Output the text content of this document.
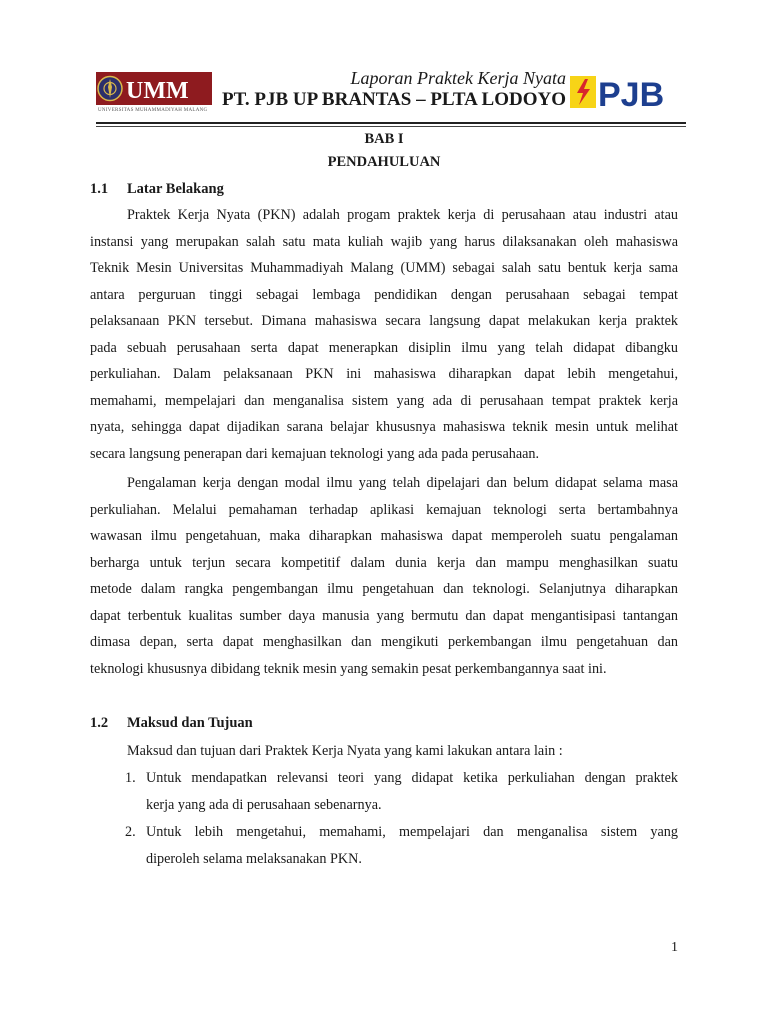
UMM
UNIVERSITAS MUHAMMADIYAH MALANG
Laporan Praktek Kerja Nyata
PT. PJB UP BRANTAS – PLTA LODOYO PJB
BAB I
PENDAHULUAN
1.1 Latar Belakang
Praktek Kerja Nyata (PKN) adalah progam praktek kerja di perusahaan atau industri atau
instansi yang merupakan salah satu mata kuliah wajib yang harus dilaksanakan oleh mahasiswa
Teknik Mesin Universitas Muhammadiyah Malang (UMM) sebagai salah satu bentuk kerja sama
antara perguruan tinggi sebagai lembaga pendidikan dengan perusahaan sebagai tempat
pelaksanaan PKN tersebut. Dimana mahasiswa secara langsung dapat melakukan kerja praktek
pada sebuah perusahaan serta dapat menerapkan disiplin ilmu yang telah didapat dibangku
perkuliahan. Dalam pelaksanaan PKN ini mahasiswa diharapkan dapat lebih mengetahui,
memahami, mempelajari dan menganalisa sistem yang ada di perusahaan tempat praktek kerja
nyata, sehingga dapat dijadikan sarana belajar khususnya mahasiswa teknik mesin untuk melihat
secara langsung penerapan dari kemajuan teknologi yang ada pada perusahaan.
Pengalaman kerja dengan modal ilmu yang telah dipelajari dan belum didapat selama masa
perkuliahan. Melalui pemahaman terhadap aplikasi kemajuan teknologi serta bertambahnya
wawasan ilmu pengetahuan, maka diharapkan mahasiswa dapat memperoleh suatu pengalaman
berharga untuk terjun secara kompetitif dalam dunia kerja dan mampu menghasilkan suatu
metode dalam rangka pengembangan ilmu pengetahuan dan teknologi. Selanjutnya diharapkan
dapat terbentuk kualitas sumber daya manusia yang bermutu dan dapat mengantisipasi tantangan
dimasa depan, serta dapat menghasilkan dan mengikuti perkembangan ilmu pengetahuan dan
teknologi khususnya dibidang teknik mesin yang semakin pesat perkembangannya saat ini.
1.2 Maksud dan Tujuan
Maksud dan tujuan dari Praktek Kerja Nyata yang kami lakukan antara lain :
1. Untuk mendapatkan relevansi teori yang didapat ketika perkuliahan dengan praktek
kerja yang ada di perusahaan sebenarnya.
2. Untuk lebih mengetahui, memahami, mempelajari dan menganalisa sistem yang
diperoleh selama melaksanakan PKN.
1
